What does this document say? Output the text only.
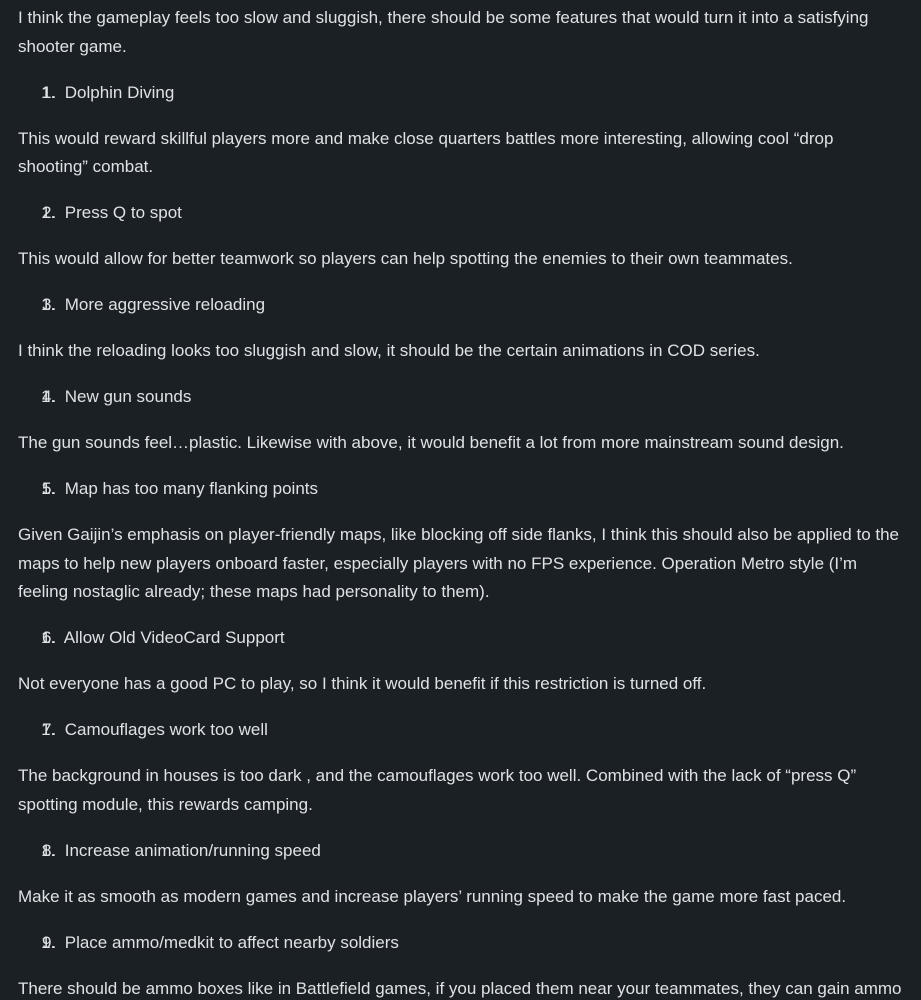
I think the gameplay feels too slow and sluggish, there should be some features that would turn it into a satisfying shooter game.

1. 1. Dolphin Diving

This would reward skillful players more and make close quarters battles more interesting, allowing cool “drop shooting” combat.

1. 2. Press Q to spot

This would allow for better teamwork so players can help spotting the enemies to their own teammates.

1. 3. More aggressive reloading

I think the reloading looks too sluggish and slow, it should be the certain animations in COD series.

1. 4. New gun sounds

The gun sounds feel…plastic. Likewise with above, it would benefit a lot from more mainstream sound design.

1. 5. Map has too many flanking points

Given Gaijin’s emphasis on player-friendly maps, like blocking off side flanks, I think this should also be applied to the maps to help new players onboard faster, especially players with no FPS experience. Operation Metro style (I’m feeling nostaglic already; these maps had personality to them).

1. 6. Allow Old VideoCard Support

Not everyone has a good PC to play, so I think it would benefit if this restriction is turned off.

1. 7. Camouflages work too well

The background in houses is too dark , and the camouflages work too well. Combined with the lack of “press Q” spotting module, this rewards camping.

1. 8. Increase animation/running speed

Make it as smooth as modern games and increase players’ running speed to make the game more fast paced.

1. 9. Place ammo/medkit to affect nearby soldiers

There should be ammo boxes like in Battlefield games, if you placed them near your teammates, they can gain ammo
